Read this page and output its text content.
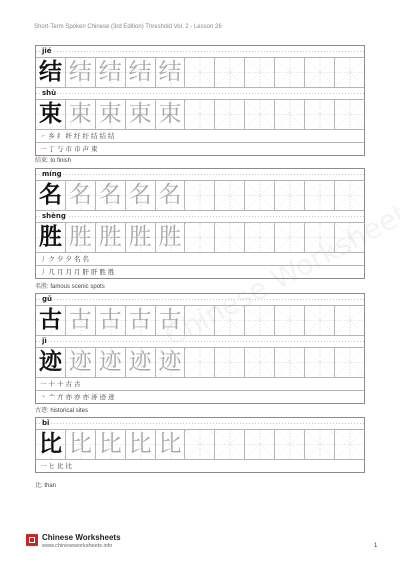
Short-Term Spoken Chinese (3rd Edition) Threshold Vol. 2 - Lesson 26
jié
结 结 结 结 结
shù
束 束 束 束 束
㇀乡纟纤纡纡结结结
一丁丂市市声束
结束: to finish
míng
名 名 名 名 名
shèng
胜 胜 胜 胜 胜
丿ク夕夕名名
丿几月月月肝肝胜胜
名胜: famous scenic spots
gǔ
古 古 古 古 古
jì
迹 迹 迹 迹 迹
一十十古古
丶亠亣亦亦亦洂迹迹
古迹: historical sites
bǐ
比 比 比 比 比
一ヒ比比
比: than
Chinese Worksheets
www.chineseworksheets.info	1
